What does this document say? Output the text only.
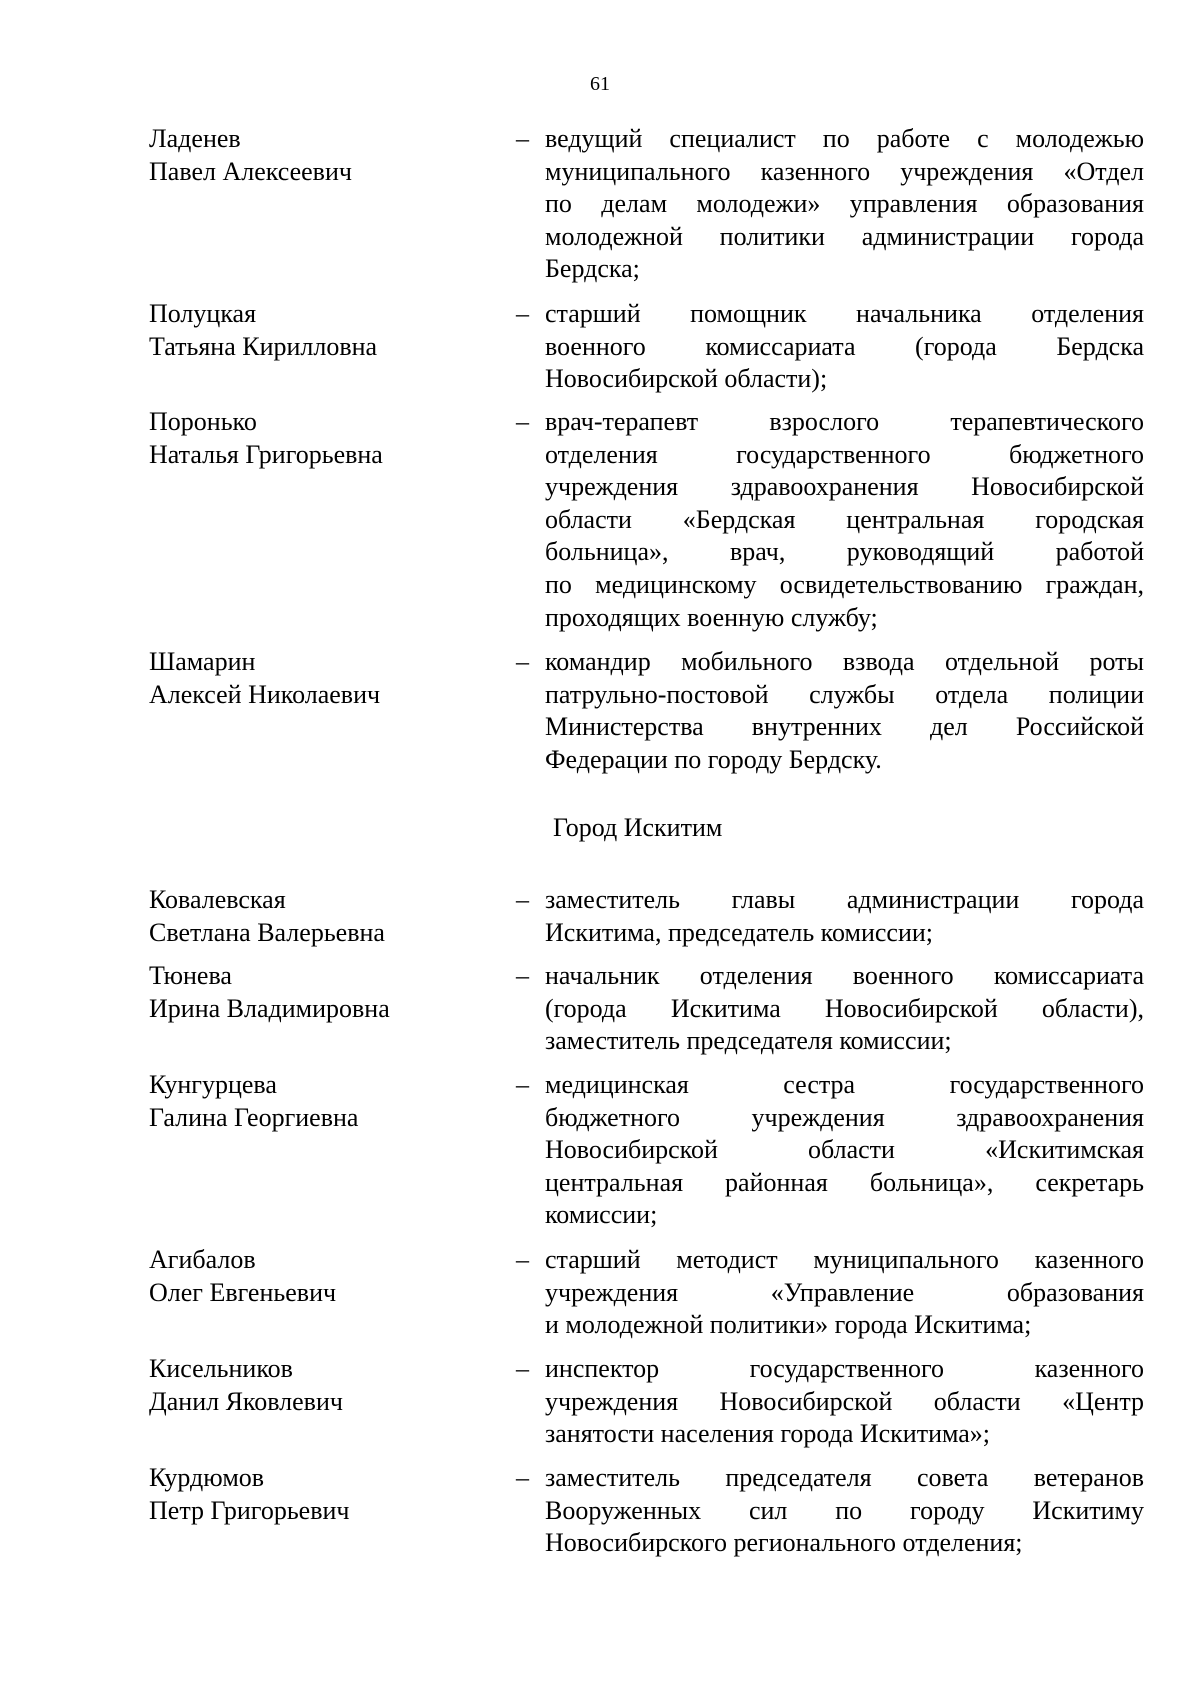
61
Ладенев
Павел Алексеевич
– ведущий специалист по работе с молодежью
муниципального казенного учреждения «Отдел
по делам молодежи» управления образования
молодежной политики администрации города
Бердска;
Полуцкая
Татьяна Кирилловна
– старший помощник начальника отделения
военного комиссариата (города Бердска
Новосибирской области);
Поронько
Наталья Григорьевна
– врач-терапевт взрослого терапевтического
отделения государственного бюджетного
учреждения здравоохранения Новосибирской
области «Бердская центральная городская
больница», врач, руководящий работой
по медицинскому освидетельствованию граждан,
проходящих военную службу;
Шамарин
Алексей Николаевич
– командир мобильного взвода отдельной роты
патрульно-постовой службы отдела полиции
Министерства внутренних дел Российской
Федерации по городу Бердску.
Город Искитим
Ковалевская
Светлана Валерьевна
– заместитель главы администрации города
Искитима, председатель комиссии;
Тюнева
Ирина Владимировна
– начальник отделения военного комиссариата
(города Искитима Новосибирской области),
заместитель председателя комиссии;
Кунгурцева
Галина Георгиевна
– медицинская сестра государственного
бюджетного учреждения здравоохранения
Новосибирской области «Искитимская
центральная районная больница», секретарь
комиссии;
Агибалов
Олег Евгеньевич
– старший методист муниципального казенного
учреждения «Управление образования
и молодежной политики» города Искитима;
Кисельников
Данил Яковлевич
– инспектор государственного казенного
учреждения Новосибирской области «Центр
занятости населения города Искитима»;
Курдюмов
Петр Григорьевич
– заместитель председателя совета ветеранов
Вооруженных сил по городу Искитиму
Новосибирского регионального отделения;
